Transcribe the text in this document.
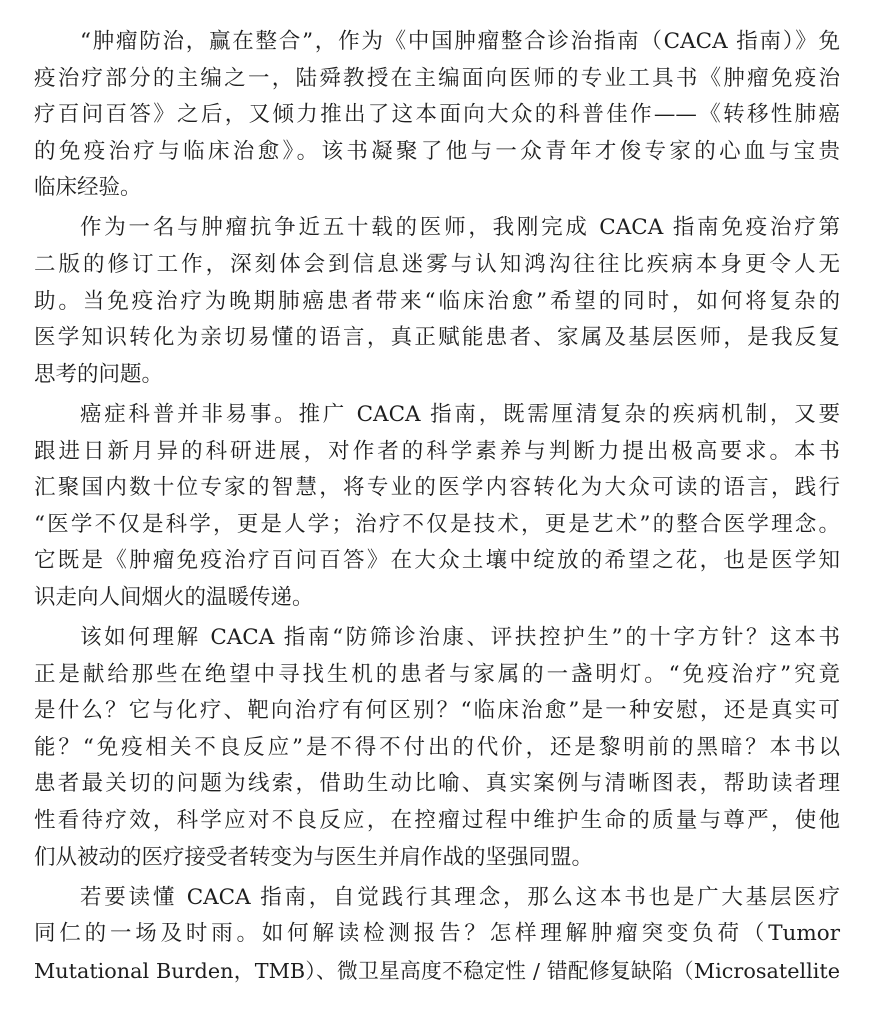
“肿瘤防治，赢在整合”，作为《中国肿瘤整合诊治指南（CACA 指南）》免
疫治疗部分的主编之一，陆舜教授在主编面向医师的专业工具书《肿瘤免疫治
疗百问百答》之后，又倾力推出了这本面向大众的科普佳作——《转移性肺癌
的免疫治疗与临床治愈》。该书凝聚了他与一众青年才俊专家的心血与宝贵
临床经验。

作为一名与肿瘤抗争近五十载的医师，我刚完成 CACA 指南免疫治疗第
二版的修订工作，深刻体会到信息迷雾与认知鸿沟往往比疾病本身更令人无
助。当免疫治疗为晚期肺癌患者带来“临床治愈”希望的同时，如何将复杂的
医学知识转化为亲切易懂的语言，真正赋能患者、家属及基层医师，是我反复
思考的问题。

癌症科普并非易事。推广 CACA 指南，既需厘清复杂的疾病机制，又要
跟进日新月异的科研进展，对作者的科学素养与判断力提出极高要求。本书
汇聚国内数十位专家的智慧，将专业的医学内容转化为大众可读的语言，践行
“医学不仅是科学，更是人学；治疗不仅是技术，更是艺术”的整合医学理念。
它既是《肿瘤免疫治疗百问百答》在大众土壤中绽放的希望之花，也是医学知
识走向人间烟火的温暖传递。

该如何理解 CACA 指南“防筛诊治康、评扶控护生”的十字方针？这本书
正是献给那些在绝望中寻找生机的患者与家属的一盏明灯。“免疫治疗”究竟
是什么？它与化疗、靶向治疗有何区别？“临床治愈”是一种安慰，还是真实可
能？“免疫相关不良反应”是不得不付出的代价，还是黎明前的黑暗？本书以
患者最关切的问题为线索，借助生动比喻、真实案例与清晰图表，帮助读者理
性看待疗效，科学应对不良反应，在控瘤过程中维护生命的质量与尊严，使他
们从被动的医疗接受者转变为与医生并肩作战的坚强同盟。

若要读懂 CACA 指南，自觉践行其理念，那么这本书也是广大基层医疗
同仁的一场及时雨。如何解读检测报告？怎样理解肿瘤突变负荷（Tumor
Mutational Burden，TMB）、微卫星高度不稳定性 / 错配修复缺陷（Microsatellite
